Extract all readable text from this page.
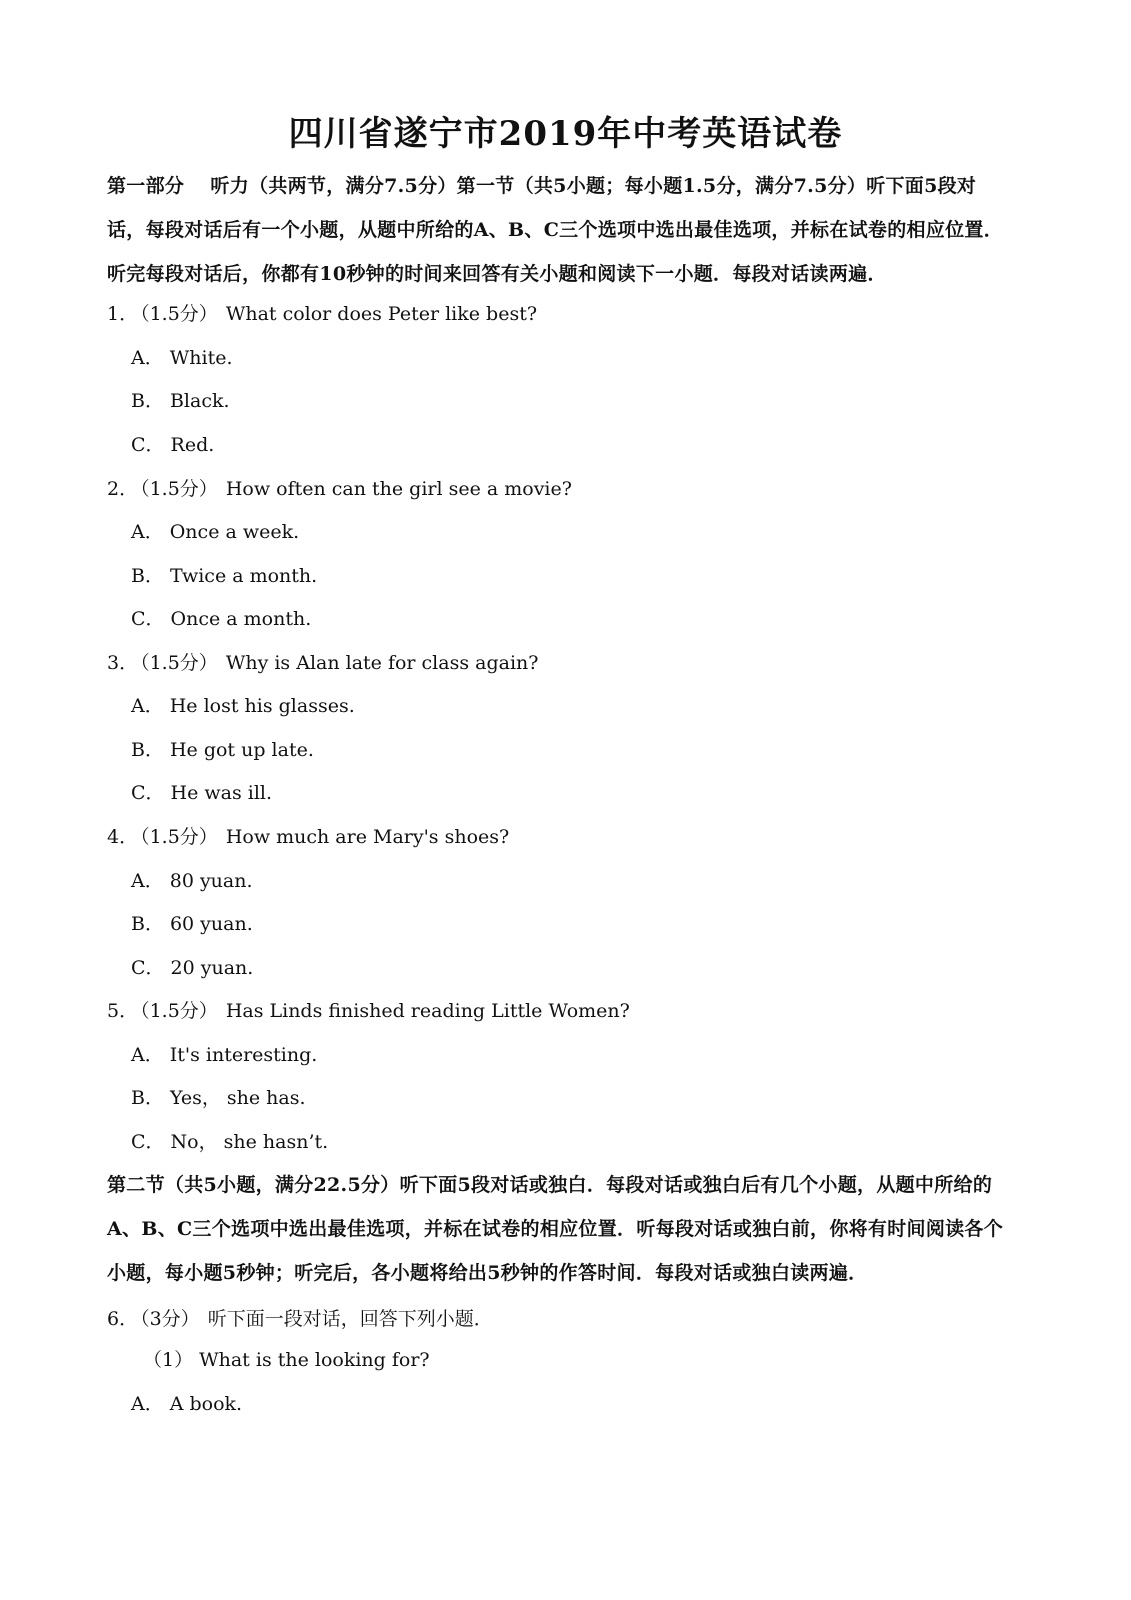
四川省遂宁市2019年中考英语试卷
第一部分　 听力（共两节，满分7.5分）第一节（共5小题；每小题1.5分，满分7.5分）听下面5段对话，每段对话后有一个小题，从题中所给的A、B、C三个选项中选出最佳选项，并标在试卷的相应位置．听完每段对话后，你都有10秒钟的时间来回答有关小题和阅读下一小题．每段对话读两遍．
1． （1.5分） What color does Peter like best?
A． White.
B． Black.
C． Red.
2． （1.5分） How often can the girl see a movie?
A． Once a week.
B． Twice a month.
C． Once a month.
3． （1.5分） Why is Alan late for class again?
A． He lost his glasses.
B． He got up late.
C． He was ill.
4． （1.5分） How much are Mary's shoes?
A． 80 yuan.
B． 60 yuan.
C． 20 yuan.
5． （1.5分） Has Linds finished reading Little Women?
A． It's interesting.
B． Yes， she has.
C． No， she hasn’t.
第二节（共5小题，满分22.5分）听下面5段对话或独白．每段对话或独白后有几个小题，从题中所给的A、B、C三个选项中选出最佳选项，并标在试卷的相应位置．听每段对话或独白前，你将有时间阅读各个小题，每小题5秒钟；听完后，各小题将给出5秒钟的作答时间．每段对话或独白读两遍．
6． （3分） 听下面一段对话，回答下列小题．
（1） What is the looking for?
A． A book.
